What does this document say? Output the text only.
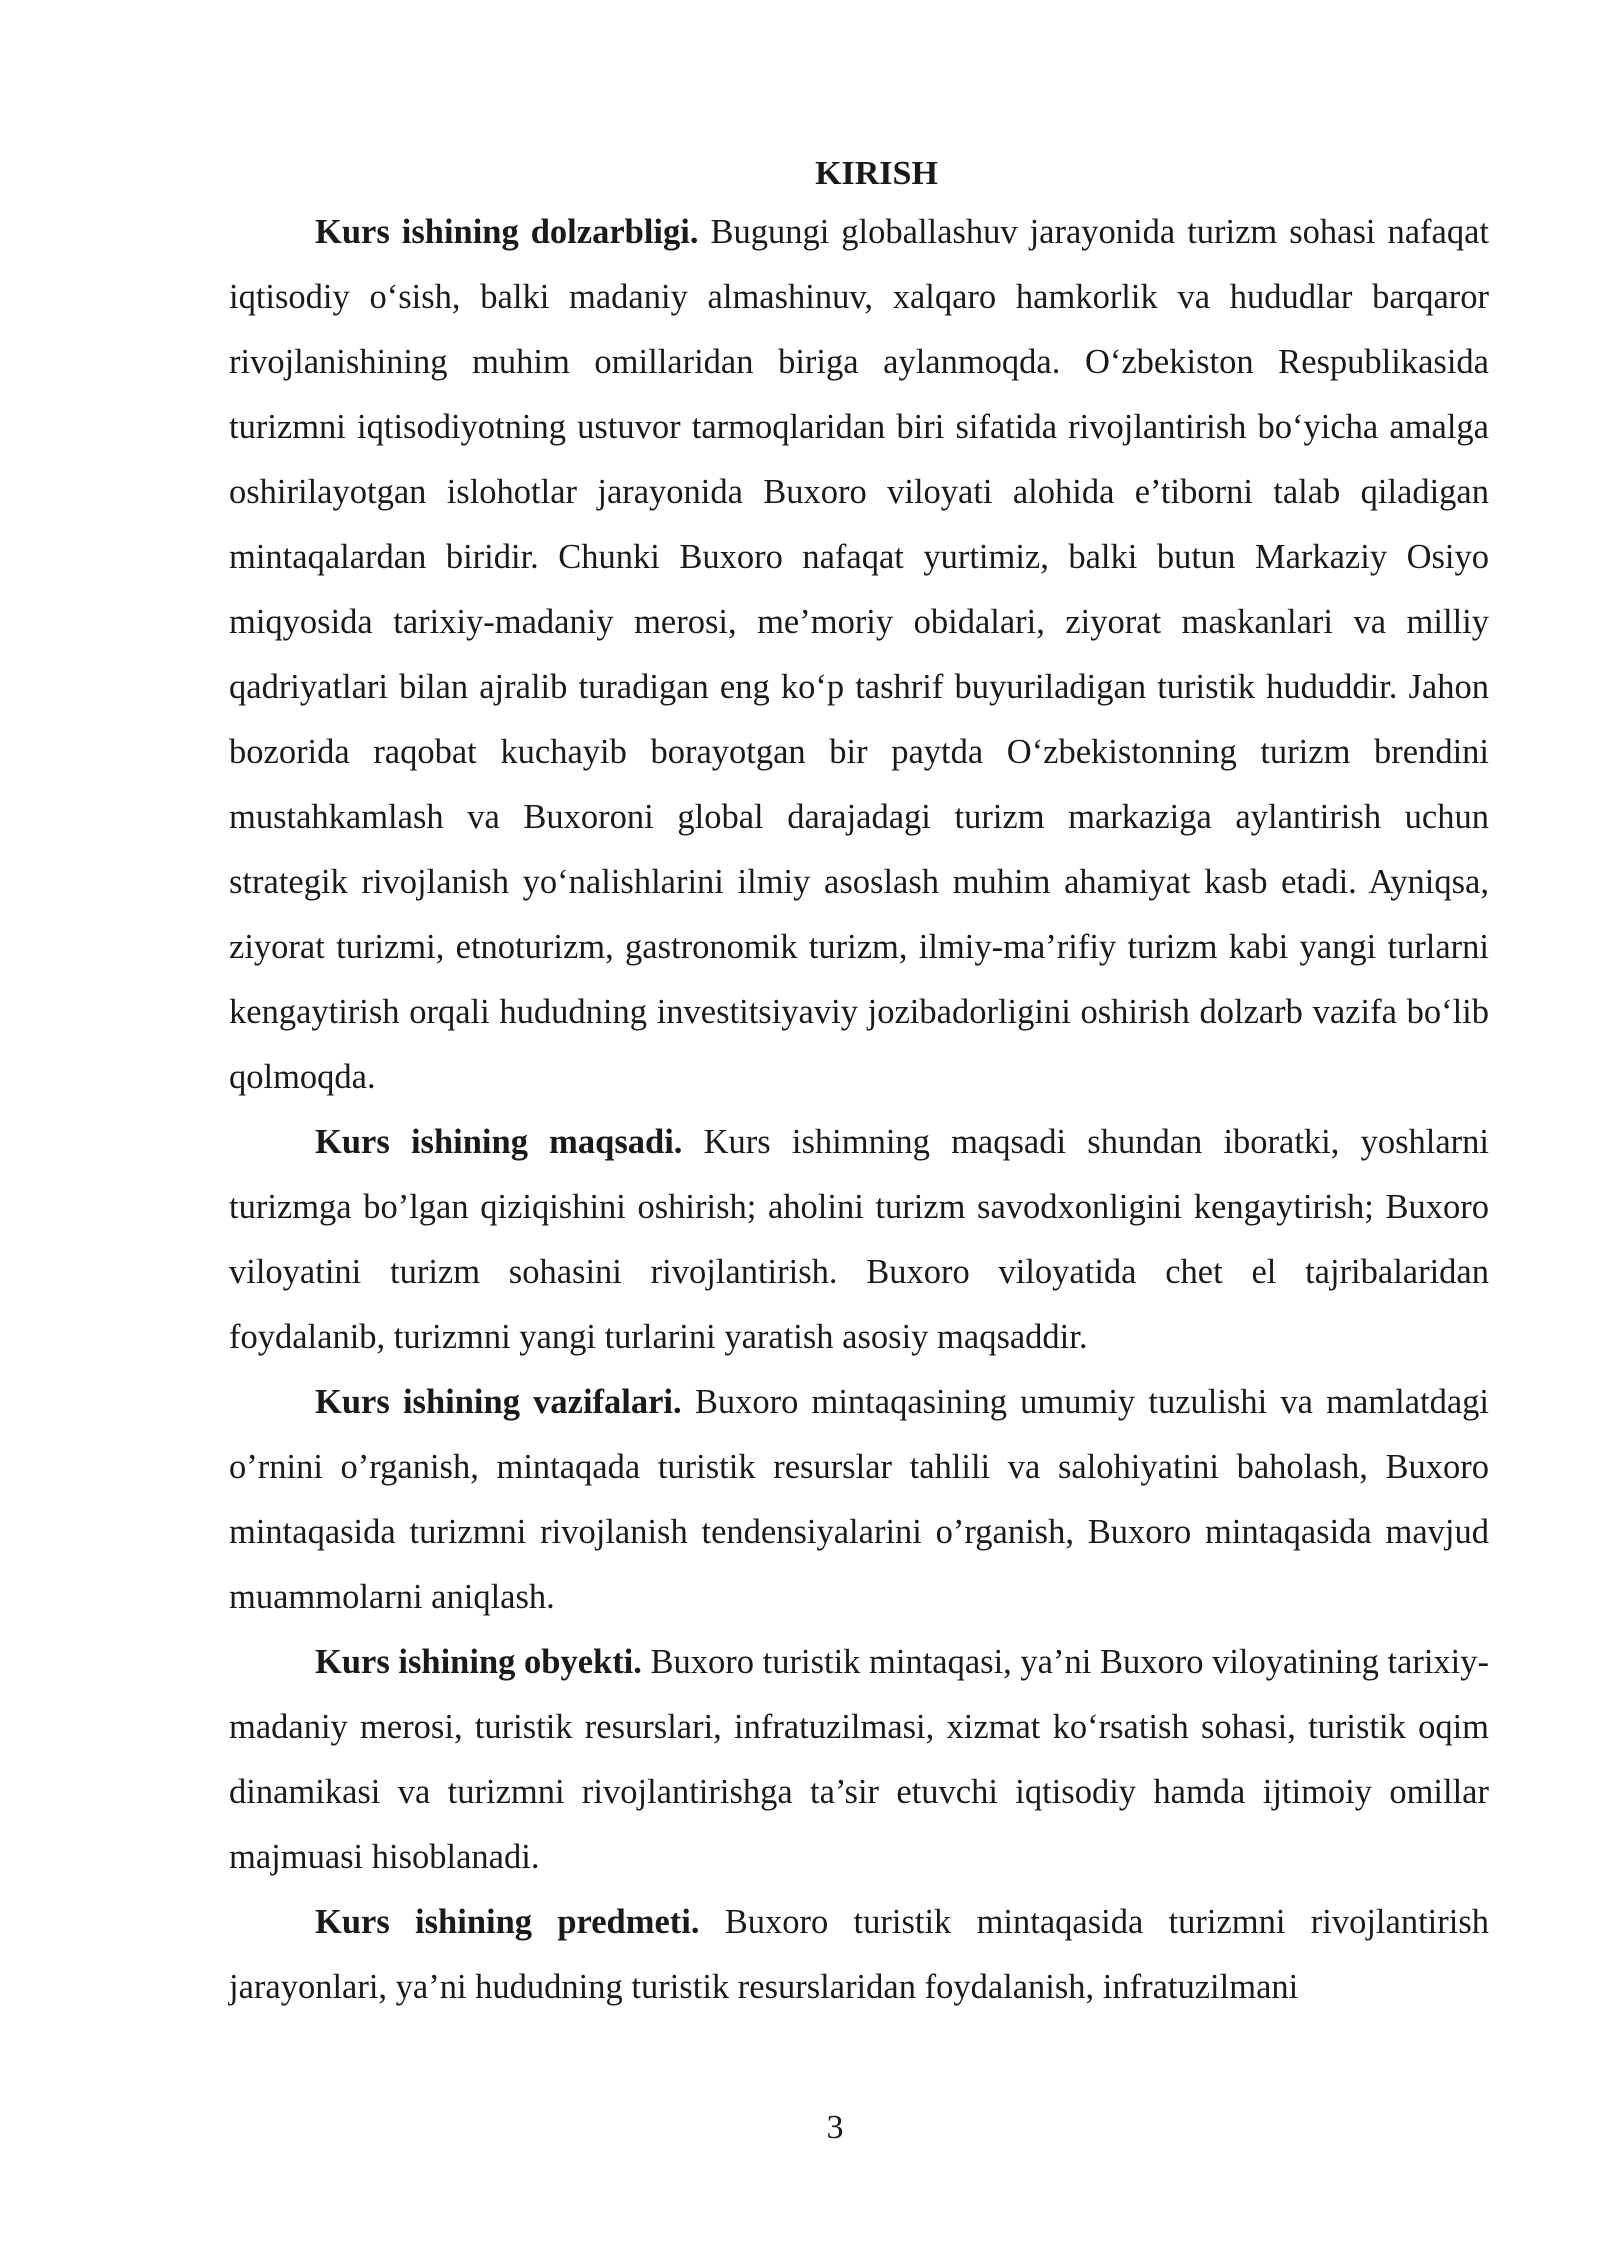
KIRISH

Kurs ishining dolzarbligi. Bugungi globallashuv jarayonida turizm sohasi nafaqat iqtisodiy o‘sish, balki madaniy almashinuv, xalqaro hamkorlik va hududlar barqaror rivojlanishining muhim omillaridan biriga aylanmoqda. O‘zbekiston Respublikasida turizmni iqtisodiyotning ustuvor tarmoqlaridan biri sifatida rivojlantirish bo‘yicha amalga oshirilayotgan islohotlar jarayonida Buxoro viloyati alohida e’tiborni talab qiladigan mintaqalardan biridir. Chunki Buxoro nafaqat yurtimiz, balki butun Markaziy Osiyo miqyosida tarixiy-madaniy merosi, me’moriy obidalari, ziyorat maskanlari va milliy qadriyatlari bilan ajralib turadigan eng ko‘p tashrif buyuriladigan turistik hududdir. Jahon bozorida raqobat kuchayib borayotgan bir paytda O‘zbekistonning turizm brendini mustahkamlash va Buxoroni global darajadagi turizm markaziga aylantirish uchun strategik rivojlanish yo‘nalishlarini ilmiy asoslash muhim ahamiyat kasb etadi. Ayniqsa, ziyorat turizmi, etnoturizm, gastronomik turizm, ilmiy-ma’rifiy turizm kabi yangi turlarni kengaytirish orqali hududning investitsiyaviy jozibadorligini oshirish dolzarb vazifa bo‘lib qolmoqda.

Kurs ishining maqsadi. Kurs ishimning maqsadi shundan iboratki, yoshlarni turizmga bo’lgan qiziqishini oshirish; aholini turizm savodxonligini kengaytirish; Buxoro viloyatini turizm sohasini rivojlantirish. Buxoro viloyatida chet el tajribalaridan foydalanib, turizmni yangi turlarini yaratish asosiy maqsaddir.

Kurs ishining vazifalari. Buxoro mintaqasining umumiy tuzulishi va mamlatdagi o’rnini o’rganish, mintaqada turistik resurslar tahlili va salohiyatini baholash, Buxoro mintaqasida turizmni rivojlanish tendensiyalarini o’rganish, Buxoro mintaqasida mavjud muammolarni aniqlash.

Kurs ishining obyekti. Buxoro turistik mintaqasi, ya’ni Buxoro viloyatining tarixiy-madaniy merosi, turistik resurslari, infratuzilmasi, xizmat ko‘rsatish sohasi, turistik oqim dinamikasi va turizmni rivojlantirishga ta’sir etuvchi iqtisodiy hamda ijtimoiy omillar majmuasi hisoblanadi.

Kurs ishining predmeti. Buxoro turistik mintaqasida turizmni rivojlantirish jarayonlari, ya’ni hududning turistik resurslaridan foydalanish, infratuzilmani

3
